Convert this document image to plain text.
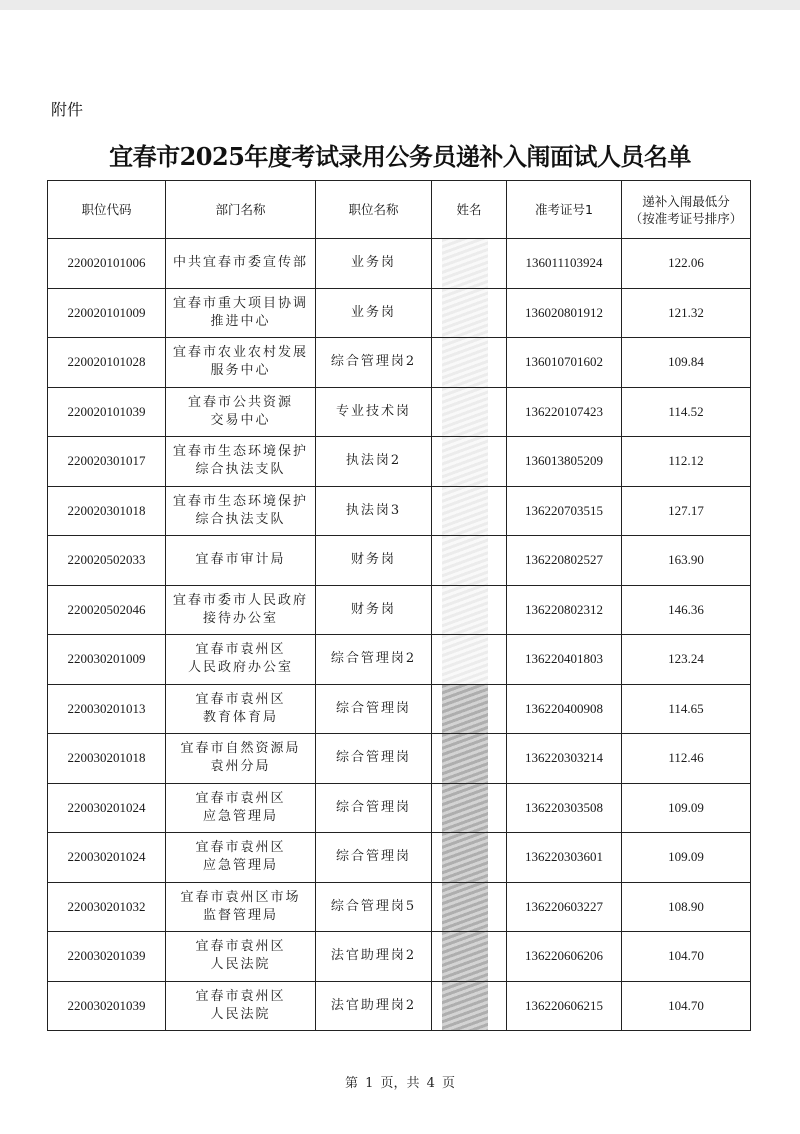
附件
宜春市2025年度考试录用公务员递补入闱面试人员名单
职位代码	部门名称	职位名称	姓名	准考证号1	递补入闱最低分
（按准考证号排序）

220020101006	中共宜春市委宣传部	业务岗		136011103924	122.06
220020101009	宜春市重大项目协调
推进中心	业务岗		136020801912	121.32
220020101028	宜春市农业农村发展
服务中心	综合管理岗2		136010701602	109.84
220020101039	宜春市公共资源
交易中心	专业技术岗		136220107423	114.52
220020301017	宜春市生态环境保护
综合执法支队	执法岗2		136013805209	112.12
220020301018	宜春市生态环境保护
综合执法支队	执法岗3		136220703515	127.17
220020502033	宜春市审计局	财务岗		136220802527	163.90
220020502046	宜春市委市人民政府
接待办公室	财务岗		136220802312	146.36
220030201009	宜春市袁州区
人民政府办公室	综合管理岗2		136220401803	123.24
220030201013	宜春市袁州区
教育体育局	综合管理岗		136220400908	114.65
220030201018	宜春市自然资源局
袁州分局	综合管理岗		136220303214	112.46
220030201024	宜春市袁州区
应急管理局	综合管理岗		136220303508	109.09
220030201024	宜春市袁州区
应急管理局	综合管理岗		136220303601	109.09
220030201032	宜春市袁州区市场
监督管理局	综合管理岗5		136220603227	108.90
220030201039	宜春市袁州区
人民法院	法官助理岗2		136220606206	104.70
220030201039	宜春市袁州区
人民法院	法官助理岗2		136220606215	104.70
第 1 页，共 4 页
